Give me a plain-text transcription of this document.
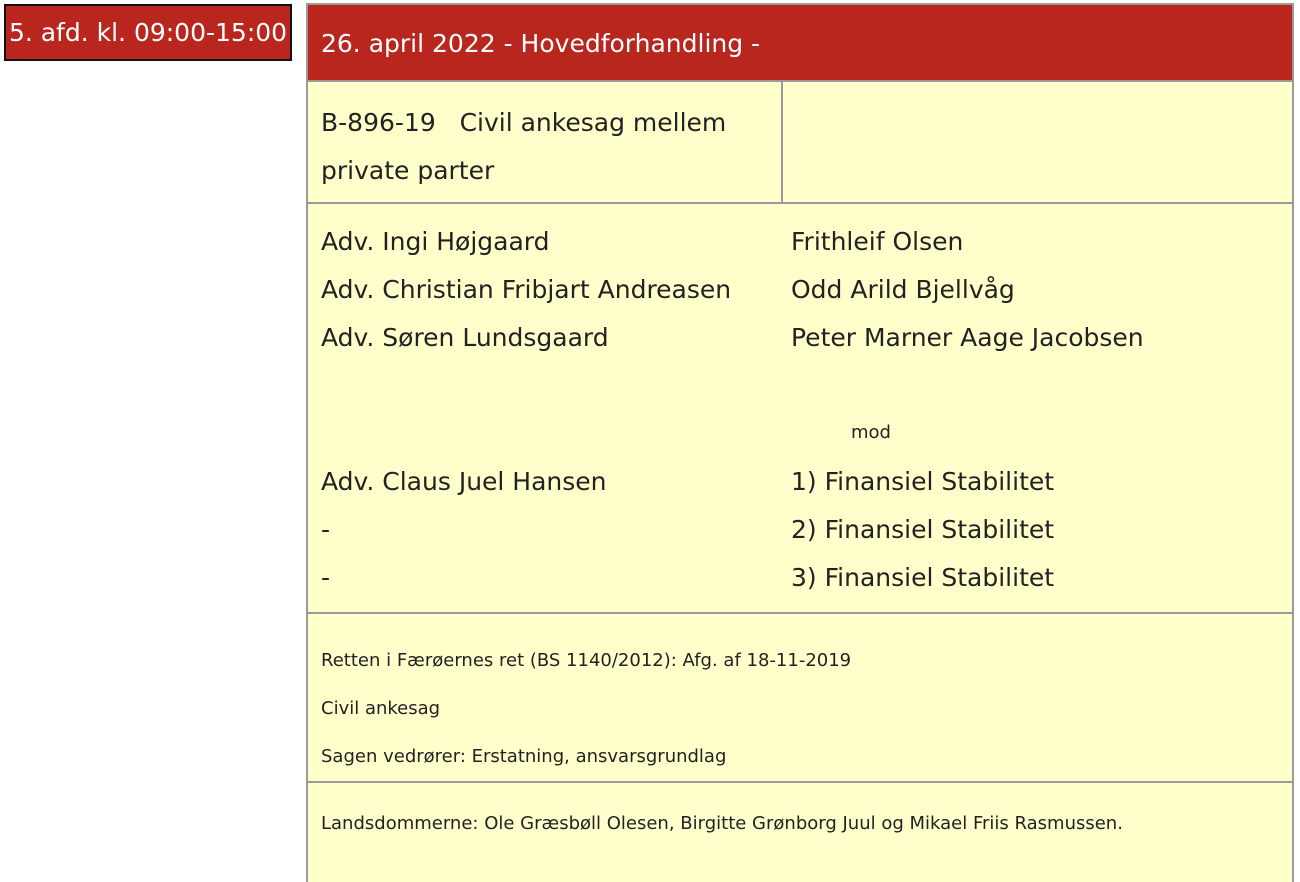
5. afd. kl. 09:00-15:00	26. april 2022 - Hovedforhandling -
B-896-19 Civil ankesag mellem
private parter
Adv. Ingi Højgaard
Adv. Christian Fribjart Andreasen
Adv. Søren Lundsgaard
Frithleif Olsen
Odd Arild Bjellvåg
Peter Marner Aage Jacobsen
mod
Adv. Claus Juel Hansen
-
-
1) Finansiel Stabilitet
2) Finansiel Stabilitet
3) Finansiel Stabilitet
Retten i Færøernes ret (BS 1140/2012): Afg. af 18-11-2019
Civil ankesag
Sagen vedrører: Erstatning, ansvarsgrundlag
Landsdommerne: Ole Græsbøll Olesen, Birgitte Grønborg Juul og Mikael Friis Rasmussen.
